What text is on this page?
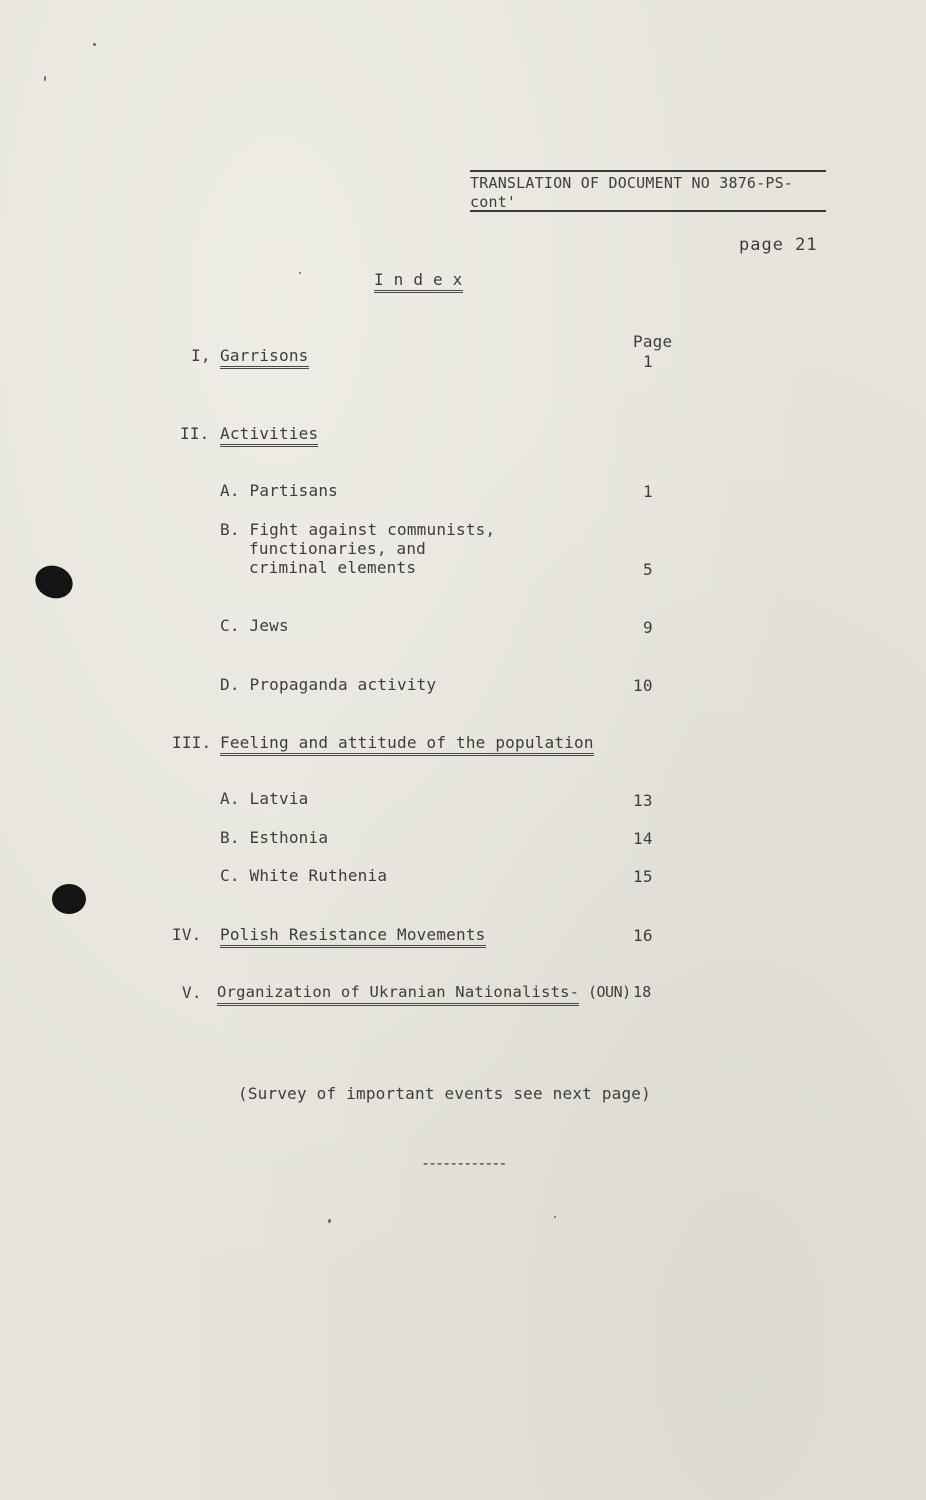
TRANSLATION OF DOCUMENT NO 3876-PS-
cont'
page 21
I n d e x
Page
I, Garrisons	1
II. Activities
A. Partisans	1
B. Fight against communists,
functionaries, and
criminal elements	5
C. Jews	9
D. Propaganda activity	10
III. Feeling and attitude of the population
A. Latvia	13
B. Esthonia	14
C. White Ruthenia	15
IV. Polish Resistance Movements	16
V. Organization of Ukranian Nationalists- (OUN) 18
(Survey of important events see next page)
------------
